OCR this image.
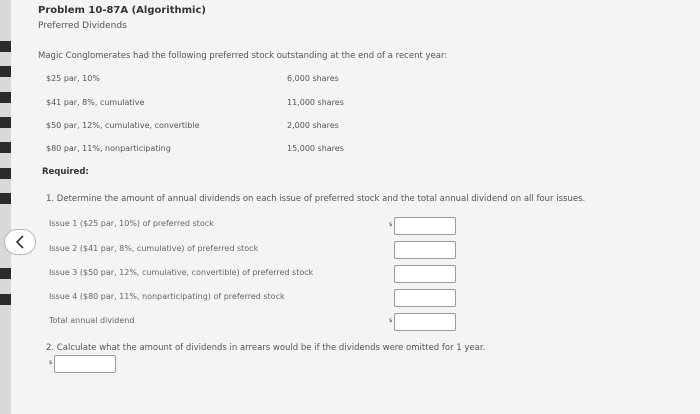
Problem 10-87A (Algorithmic)
Preferred Dividends
Magic Conglomerates had the following preferred stock outstanding at the end of a recent year:
$25 par, 10%	6,000 shares
$41 par, 8%, cumulative	11,000 shares
$50 par, 12%, cumulative, convertible	2,000 shares
$80 par, 11%, nonparticipating	15,000 shares
Required:
1. Determine the amount of annual dividends on each issue of preferred stock and the total annual dividend on all four issues.
Issue 1 ($25 par, 10%) of preferred stock	$
Issue 2 ($41 par, 8%, cumulative) of preferred stock
Issue 3 ($50 par, 12%, cumulative, convertible) of preferred stock
Issue 4 ($80 par, 11%, nonparticipating) of preferred stock
Total annual dividend	$
2. Calculate what the amount of dividends in arrears would be if the dividends were omitted for 1 year.
$
